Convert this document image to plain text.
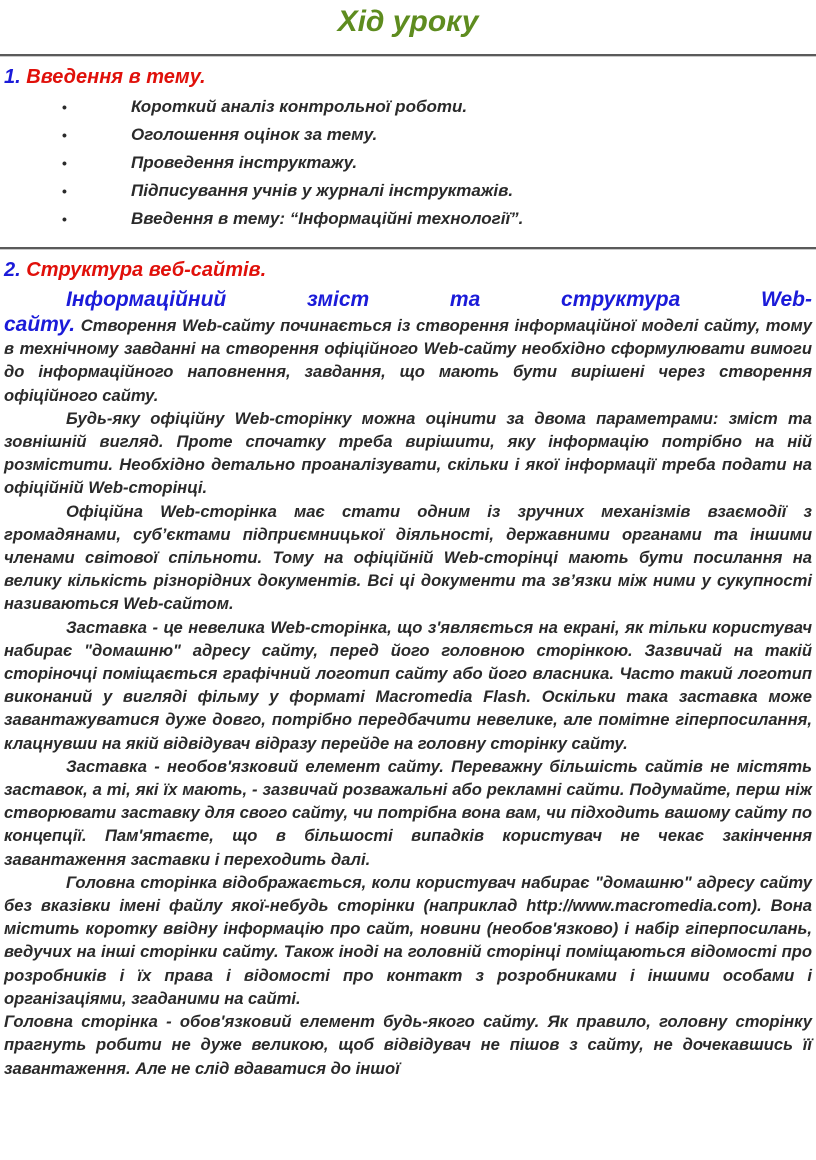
Хід уроку
1. Введення в тему.
•	Короткий аналіз контрольної роботи.
•	Оголошення оцінок за тему.
•	Проведення інструктажу.
•	Підписування учнів у журналі інструктажів.
•	Введення в тему: “Інформаційні технології”.
2. Структура веб-сайтів.
Інформаційний зміст та структура Web-
сайту. Створення Web-сайту починається із створення інформаційної моделі сайту, тому в технічному завданні на створення офіційного Web-сайту необхідно сформулювати вимоги до інформаційного наповнення, завдання, що мають бути вирішені через створення офіційного сайту.

Будь-яку офіційну Web-сторінку можна оцінити за двома параметрами: зміст та зовнішній вигляд. Проте спочатку треба вирішити, яку інформацію потрібно на ній розмістити. Необхідно детально проаналізувати, скільки і якої інформації треба подати на офіційній Web-сторінці.

Офіційна Web-сторінка має стати одним із зручних механізмів взаємодії з громадянами, суб’єктами підприємницької діяльності, державними органами та іншими членами світової спільноти. Тому на офіційній Web-сторінці мають бути посилання на велику кількість різнорідних документів. Всі ці документи та зв’язки між ними у сукупності називаються Web-сайтом.

Заставка - це невелика Web-сторінка, що з'являється на екрані, як тільки користувач набирає "домашню" адресу сайту, перед його головною сторінкою. Зазвичай на такій сторіночці поміщається графічний логотип сайту або його власника. Часто такий логотип виконаний у вигляді фільму у форматі Macromedia Flash. Оскільки така заставка може завантажуватися дуже довго, потрібно передбачити невелике, але помітне гіперпосилання, клацнувши на якій відвідувач відразу перейде на головну сторінку сайту.

Заставка - необов'язковий елемент сайту. Переважну більшість сайтів не містять заставок, а ті, які їх мають, - зазвичай розважальні або рекламні сайти. Подумайте, перш ніж створювати заставку для свого сайту, чи потрібна вона вам, чи підходить вашому сайту по концепції. Пам'ятаєте, що в більшості випадків користувач не чекає закінчення завантаження заставки і переходить далі.

Головна сторінка відображається, коли користувач набирає "домашню" адресу сайту без вказівки імені файлу якої-небудь сторінки (наприклад http://www.macromedia.com). Вона містить коротку ввідну інформацію про сайт, новини (необов'язково) і набір гіперпосилань, ведучих на інші сторінки сайту. Також іноді на головній сторінці поміщаються відомості про розробників і їх права і відомості про контакт з розробниками і іншими особами і організаціями, згаданими на сайті.

Головна сторінка - обов'язковий елемент будь-якого сайту. Як правило, головну сторінку прагнуть робити не дуже великою, щоб відвідувач не пішов з сайту, не дочекавшись її завантаження. Але не слід вдаватися до іншої
